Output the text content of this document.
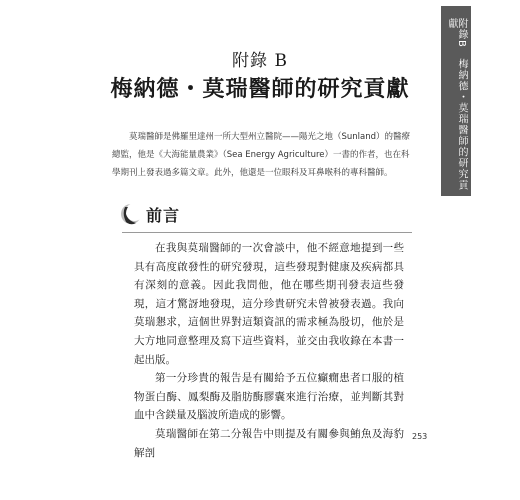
附錄B　梅納德・莫瑞醫師的研究貢獻
附錄 B
梅納德・莫瑞醫師的研究貢獻

莫瑞醫師是佛羅里達州一所大型州立醫院——陽光之地（Sunland）的醫療總監，他是《大海能量農業》（Sea Energy Agriculture）一書的作者，也在科學期刊上發表過多篇文章。此外，他還是一位眼科及耳鼻喉科的專科醫師。

前言

在我與莫瑞醫師的一次會談中，他不經意地提到一些具有高度啟發性的研究發現，這些發現對健康及疾病都具有深刻的意義。因此我問他，他在哪些期刊發表這些發現，這才驚訝地發現，這分珍貴研究未曾被發表過。我向莫瑞懇求，這個世界對這類資訊的需求極為殷切，他於是大方地同意整理及寫下這些資料，並交由我收錄在本書一起出版。

第一分珍貴的報告是有關給予五位癲癇患者口服的植物蛋白酶、鳳梨酶及脂肪酶膠囊來進行治療，並判斷其對血中含鎂量及腦波所造成的影響。

莫瑞醫師在第二分報告中則提及有關參與鮪魚及海豹解剖

253
